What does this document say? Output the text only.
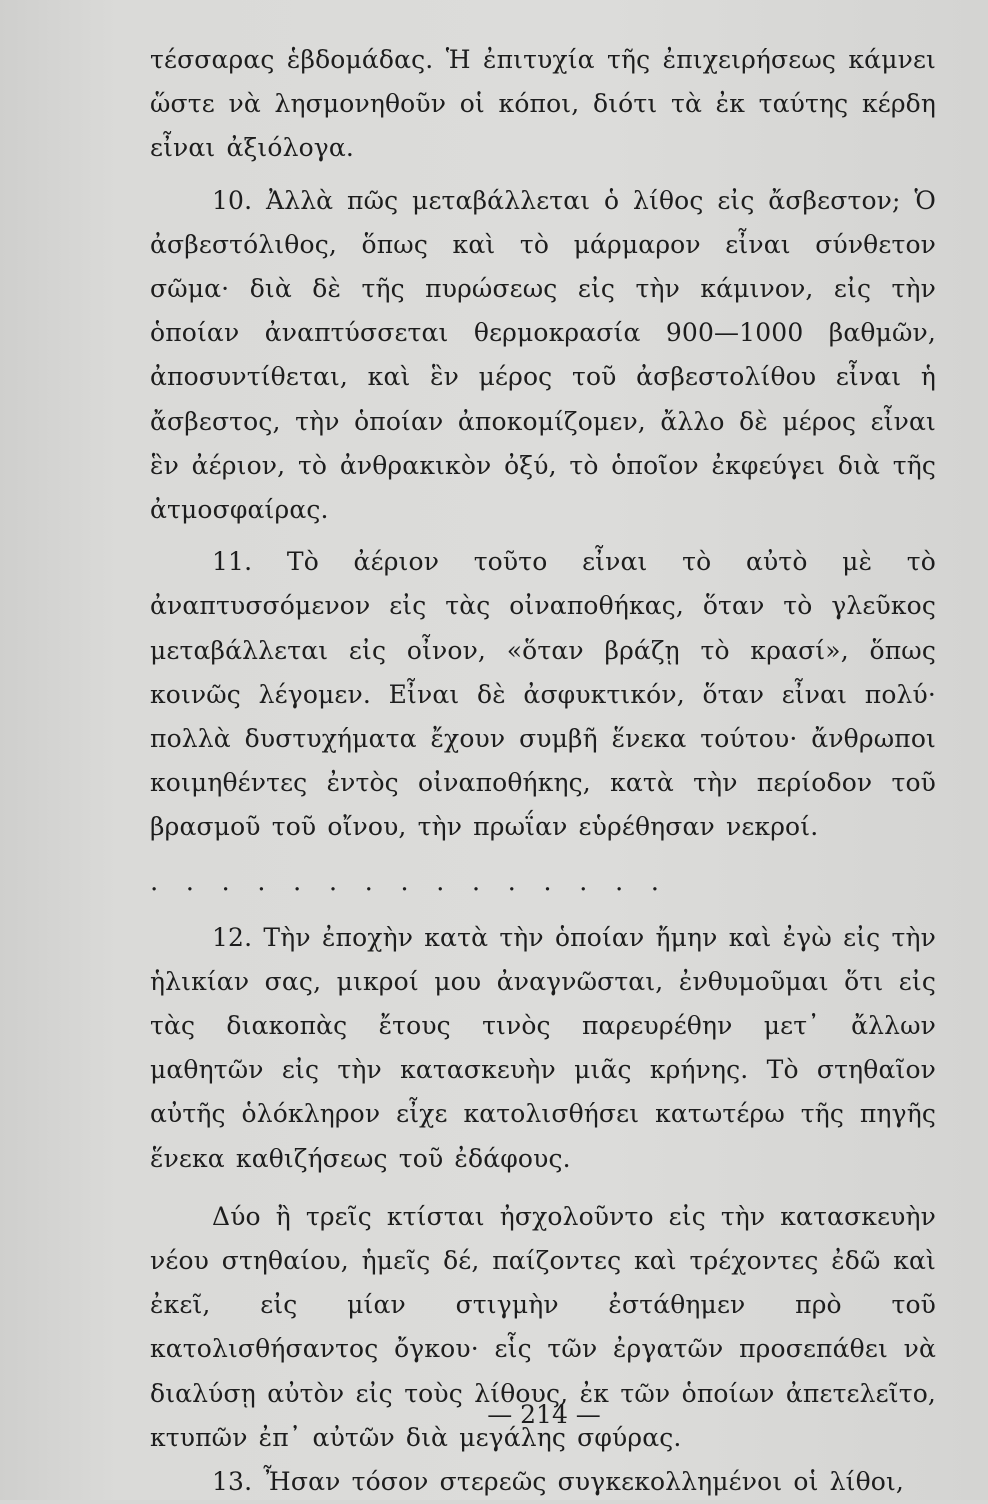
τέσσαρας ἑβδομάδας. Ἡ ἐπιτυχία τῆς ἐπιχειρήσεως κάμνει ὥστε νὰ λησμονηθοῦν οἱ κόποι, διότι τὰ ἐκ ταύτης κέρδη εἶναι ἀξιόλογα.

10. Ἀλλὰ πῶς μεταβάλλεται ὁ λίθος εἰς ἄσβεστον; Ὁ ἀσβεστόλιθος, ὅπως καὶ τὸ μάρμαρον εἶναι σύνθετον σῶμα· διὰ δὲ τῆς πυρώσεως εἰς τὴν κάμινον, εἰς τὴν ὁποίαν ἀναπτύσσεται θερμοκρασία 900—1000 βαθμῶν, ἀποσυντίθεται, καὶ ἓν μέρος τοῦ ἀσβεστολίθου εἶναι ἡ ἄσβεστος, τὴν ὁποίαν ἀποκομίζομεν, ἄλλο δὲ μέρος εἶναι ἓν ἀέριον, τὸ ἀνθρακικὸν ὀξύ, τὸ ὁποῖον ἐκφεύγει διὰ τῆς ἀτμοσφαίρας.

11. Τὸ ἀέριον τοῦτο εἶναι τὸ αὐτὸ μὲ τὸ ἀναπτυσσόμενον εἰς τὰς οἰναποθήκας, ὅταν τὸ γλεῦκος μεταβάλλεται εἰς οἶνον, «ὅταν βράζῃ τὸ κρασί», ὅπως κοινῶς λέγομεν. Εἶναι δὲ ἀσφυκτικόν, ὅταν εἶναι πολύ· πολλὰ δυστυχήματα ἔχουν συμβῆ ἕνεκα τούτου· ἄνθρωποι κοιμηθέντες ἐντὸς οἰναποθήκης, κατὰ τὴν περίοδον τοῦ βρασμοῦ τοῦ οἴνου, τὴν πρωΐαν εὑρέθησαν νεκροί.

...............

12. Τὴν ἐποχὴν κατὰ τὴν ὁποίαν ἤμην καὶ ἐγὼ εἰς τὴν ἡλικίαν σας, μικροί μου ἀναγνῶσται, ἐνθυμοῦμαι ὅτι εἰς τὰς διακοπὰς ἔτους τινὸς παρευρέθην μετ᾿ ἄλλων μαθητῶν εἰς τὴν κατασκευὴν μιᾶς κρήνης. Τὸ στηθαῖον αὐτῆς ὁλόκληρον εἶχε κατολισθήσει κατωτέρω τῆς πηγῆς ἕνεκα καθιζήσεως τοῦ ἐδάφους.

Δύο ἢ τρεῖς κτίσται ἠσχολοῦντο εἰς τὴν κατασκευὴν νέου στηθαίου, ἡμεῖς δέ, παίζοντες καὶ τρέχοντες ἐδῶ καὶ ἐκεῖ, εἰς μίαν στιγμὴν ἐστάθημεν πρὸ τοῦ κατολισθήσαντος ὄγκου· εἷς τῶν ἐργατῶν προσεπάθει νὰ διαλύσῃ αὐτὸν εἰς τοὺς λίθους, ἐκ τῶν ὁποίων ἀπετελεῖτο, κτυπῶν ἐπ᾿ αὐτῶν διὰ μεγάλης σφύρας.

13. Ἦσαν τόσον στερεῶς συγκεκολλημένοι οἱ λίθοι,

— 214 —
